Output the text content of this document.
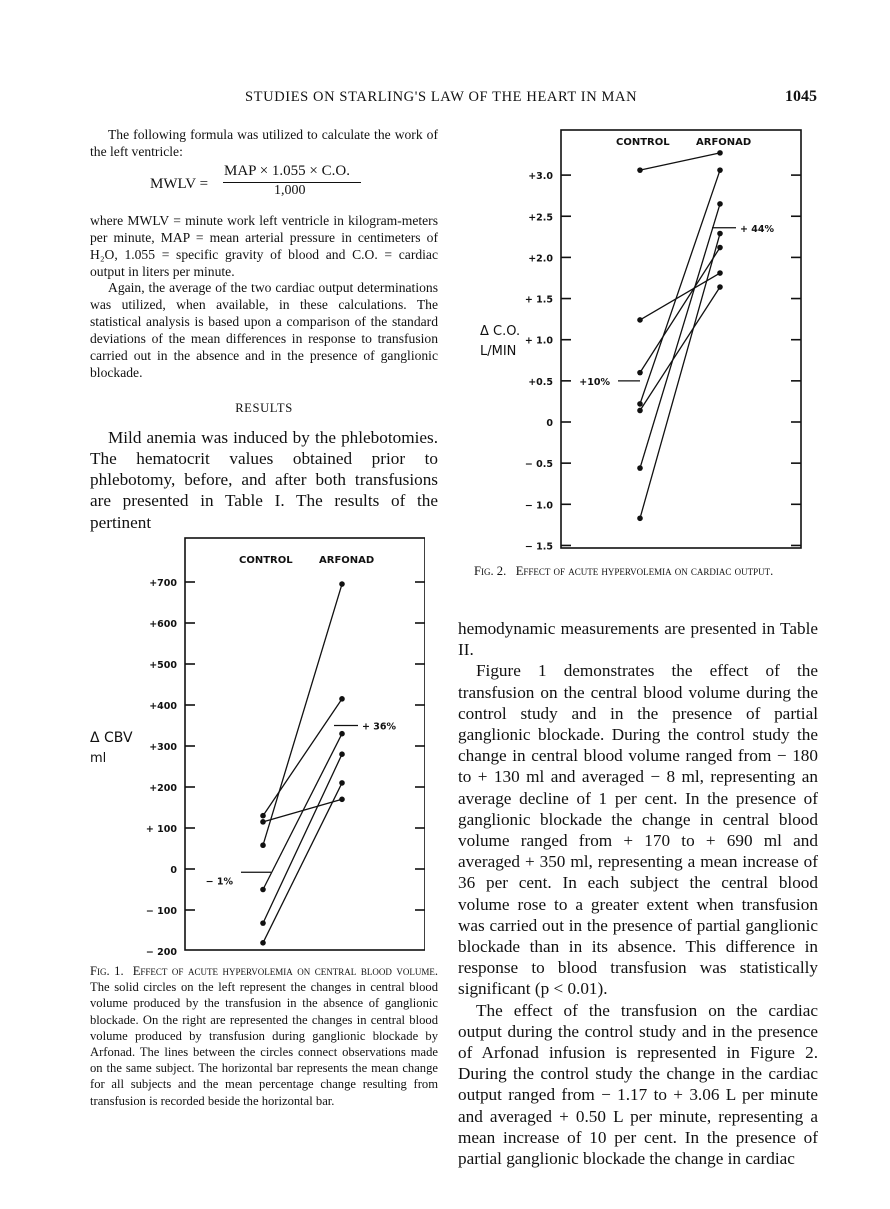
STUDIES ON STARLING'S LAW OF THE HEART IN MAN	1045

The following formula was utilized to calculate the work of the left ventricle:

MWLV =
MAP × 1.055 × C.O.
1,000

where MWLV = minute work left ventricle in kilogram-meters per minute, MAP = mean arterial pressure in centimeters of H₂O, 1.055 = specific gravity of blood and C.O. = cardiac output in liters per minute.

Again, the average of the two cardiac output determinations was utilized, when available, in these calculations. The statistical analysis is based upon a comparison of the standard deviations of the mean differences in response to transfusion carried out in the absence and in the presence of ganglionic blockade.

RESULTS

Mild anemia was induced by the phlebotomies. The hematocrit values obtained prior to phlebotomy, before, and after both transfusions are presented in Table I. The results of the pertinent

CONTROL	ARFONAD
Δ CBV
ml
− 200
− 100
0
+ 100
+200
+300
+400
+500
+600
+700
− 1%
+ 36%
Fig. 1. Effect of acute hypervolemia on central blood volume. The solid circles on the left represent the changes in central blood volume produced by the transfusion in the absence of ganglionic blockade. On the right are represented the changes in central blood volume produced by transfusion during ganglionic blockade by Arfonad. The lines between the circles connect observations made on the same subject. The horizontal bar represents the mean change for all subjects and the mean percentage change resulting from transfusion is recorded beside the horizontal bar.
CONTROL	ARFONAD
Δ C.O.
L/MIN
− 1.5
− 1.0
− 0.5
0
+0.5
+ 1.0
+ 1.5
+2.0
+2.5
+3.0
+10%
+ 44%
Fig. 2. Effect of acute hypervolemia on cardiac output.

hemodynamic measurements are presented in Table II.

Figure 1 demonstrates the effect of the transfusion on the central blood volume during the control study and in the presence of partial ganglionic blockade. During the control study the change in central blood volume ranged from − 180 to + 130 ml and averaged − 8 ml, representing an average decline of 1 per cent. In the presence of ganglionic blockade the change in central blood volume ranged from + 170 to + 690 ml and averaged + 350 ml, representing a mean increase of 36 per cent. In each subject the central blood volume rose to a greater extent when transfusion was carried out in the presence of partial ganglionic blockade than in its absence. This difference in response to blood transfusion was statistically significant (p < 0.01).

The effect of the transfusion on the cardiac output during the control study and in the presence of Arfonad infusion is represented in Figure 2. During the control study the change in the cardiac output ranged from − 1.17 to + 3.06 L per minute and averaged + 0.50 L per minute, representing a mean increase of 10 per cent. In the presence of partial ganglionic blockade the change in cardiac
